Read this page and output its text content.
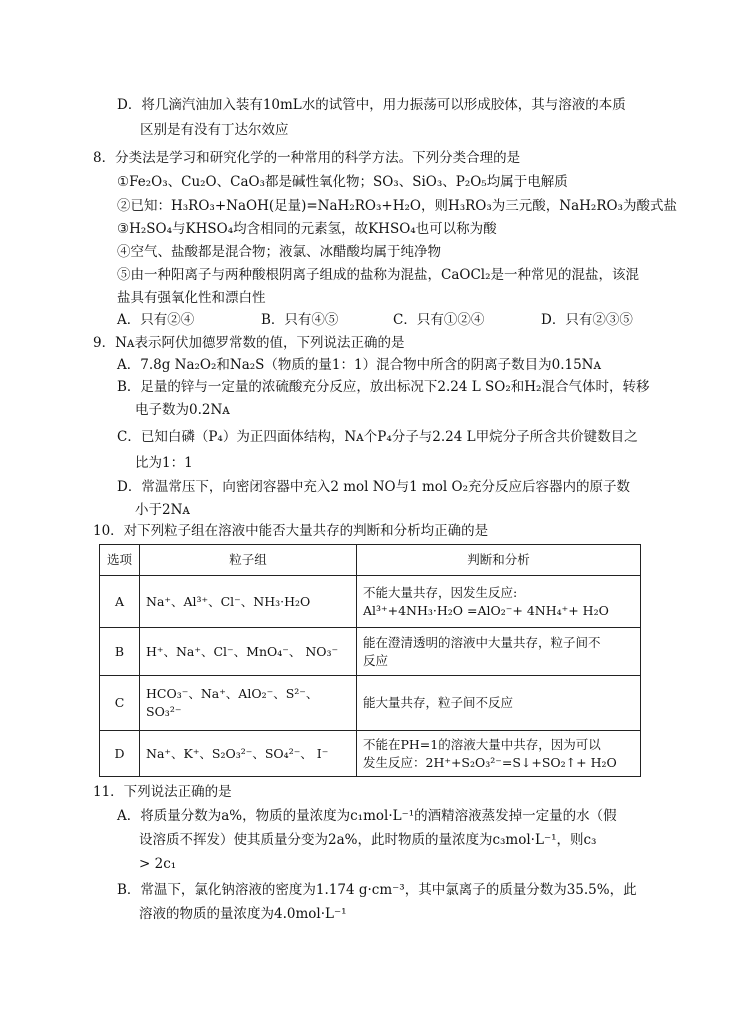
D．将几滴汽油加入装有10mL水的试管中，用力振荡可以形成胶体，其与溶液的本质
区别是有没有丁达尔效应
8．分类法是学习和研究化学的一种常用的科学方法。下列分类合理的是
①Fe₂O₃、Cu₂O、CaO₃都是碱性氧化物；SO₃、SiO₃、P₂O₅均属于电解质
②已知：H₃RO₃+NaOH(足量)=NaH₂RO₃+H₂O，则H₃RO₃为三元酸，NaH₂RO₃为酸式盐
③H₂SO₄与KHSO₄均含相同的元素氢，故KHSO₄也可以称为酸
④空气、盐酸都是混合物；液氯、冰醋酸均属于纯净物
⑤由一种阳离子与两种酸根阴离子组成的盐称为混盐，CaOCl₂是一种常见的混盐，该混
盐具有强氧化性和漂白性
A．只有②④	B．只有④⑤	C．只有①②④	D．只有②③⑤
9．Nᴀ表示阿伏加德罗常数的值，下列说法正确的是
A．7.8g Na₂O₂和Na₂S（物质的量1：1）混合物中所含的阴离子数目为0.15Nᴀ
B．足量的锌与一定量的浓硫酸充分反应，放出标况下2.24 L SO₂和H₂混合气体时，转移
电子数为0.2Nᴀ
C．已知白磷（P₄）为正四面体结构，Nᴀ个P₄分子与2.24 L甲烷分子所含共价键数目之
比为1：1
D．常温常压下，向密闭容器中充入2 mol NO与1 mol O₂充分反应后容器内的原子数
小于2Nᴀ
10．对下列粒子组在溶液中能否大量共存的判断和分析均正确的是
选项	粒子组	判断和分析
A	Na⁺、Al³⁺、Cl⁻、NH₃·H₂O	不能大量共存，因发生反应:
Al³⁺+4NH₃·H₂O =AlO₂⁻+ 4NH₄⁺+ H₂O

B	H⁺、Na⁺、Cl⁻、MnO₄⁻、 NO₃⁻	能在澄清透明的溶液中大量共存，粒子间不
反应

C	HCO₃⁻、Na⁺、AlO₂⁻、S²⁻、SO₃²⁻	能大量共存，粒子间不反应

D	Na⁺、K⁺、S₂O₃²⁻、SO₄²⁻、 I⁻	不能在PH=1的溶液大量中共存，因为可以
发生反应：2H⁺+S₂O₃²⁻=S↓+SO₂↑+ H₂O
11．下列说法正确的是
A．将质量分数为a%，物质的量浓度为c₁mol·L⁻¹的酒精溶液蒸发掉一定量的水（假
设溶质不挥发）使其质量分变为2a%，此时物质的量浓度为c₃mol·L⁻¹，则c₃
> 2c₁
B．常温下，氯化钠溶液的密度为1.174 g·cm⁻³，其中氯离子的质量分数为35.5%，此
溶液的物质的量浓度为4.0mol·L⁻¹
